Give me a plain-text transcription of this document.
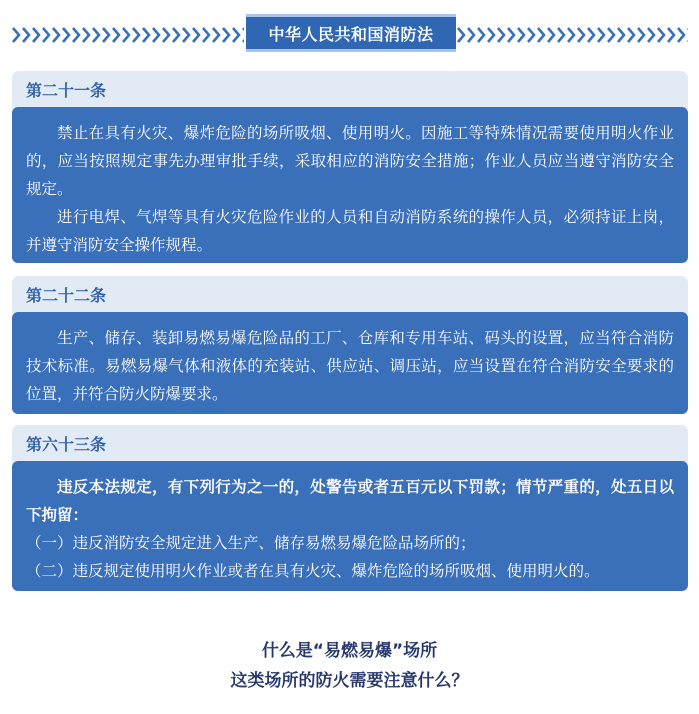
中华人民共和国消防法
第二十一条

禁止在具有火灾、爆炸危险的场所吸烟、使用明火。因施工等特殊情况需要使用明火作业的，应当按照规定事先办理审批手续，采取相应的消防安全措施；作业人员应当遵守消防安全规定。

进行电焊、气焊等具有火灾危险作业的人员和自动消防系统的操作人员，必须持证上岗，并遵守消防安全操作规程。

第二十二条

生产、储存、装卸易燃易爆危险品的工厂、仓库和专用车站、码头的设置，应当符合消防技术标准。易燃易爆气体和液体的充装站、供应站、调压站，应当设置在符合消防安全要求的位置，并符合防火防爆要求。

第六十三条

违反本法规定，有下列行为之一的，处警告或者五百元以下罚款；情节严重的，处五日以下拘留：

（一）违反消防安全规定进入生产、储存易燃易爆危险品场所的；

（二）违反规定使用明火作业或者在具有火灾、爆炸危险的场所吸烟、使用明火的。

什么是“易燃易爆”场所
这类场所的防火需要注意什么？
